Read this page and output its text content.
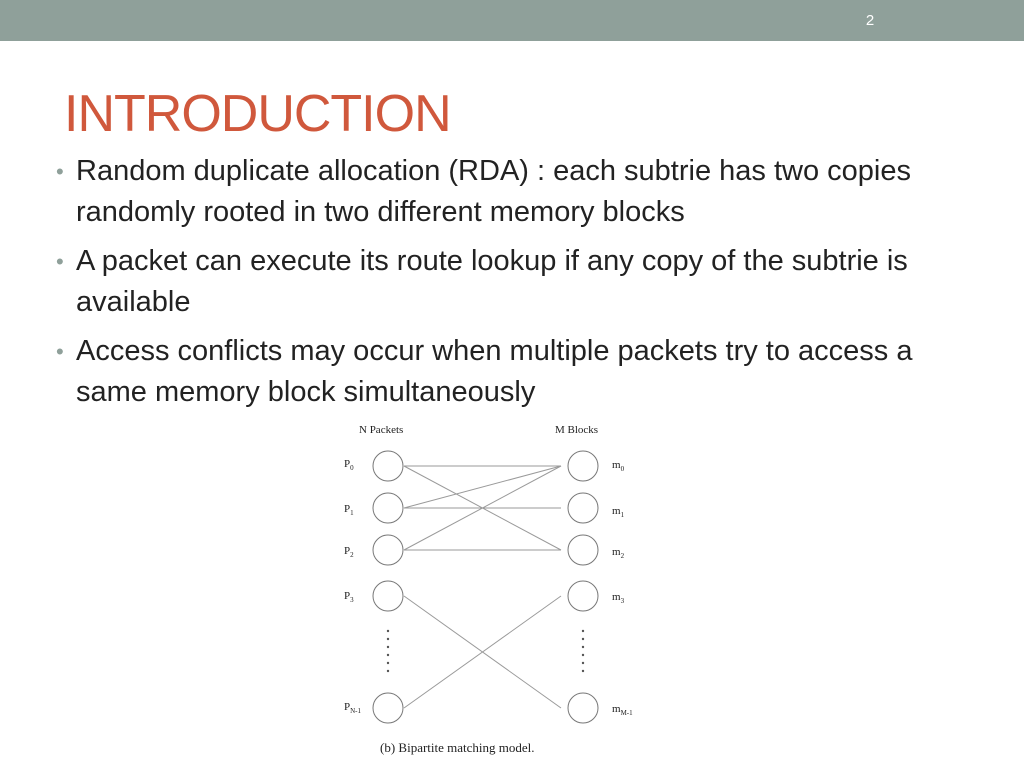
2
INTRODUCTION
• Random duplicate allocation (RDA) : each subtrie has two copies randomly rooted in two different memory blocks
• A packet can execute its route lookup if any copy of the subtrie is available
• Access conflicts may occur when multiple packets try to access a same memory block simultaneously
N Packets	M Blocks
$P_0$
$P_1$
$P_2$
$P_3$
$P_{N-1}$
$m_0$
$m_1$
$m_2$
$m_3$
$m_{M-1}$
(b) Bipartite matching model.
